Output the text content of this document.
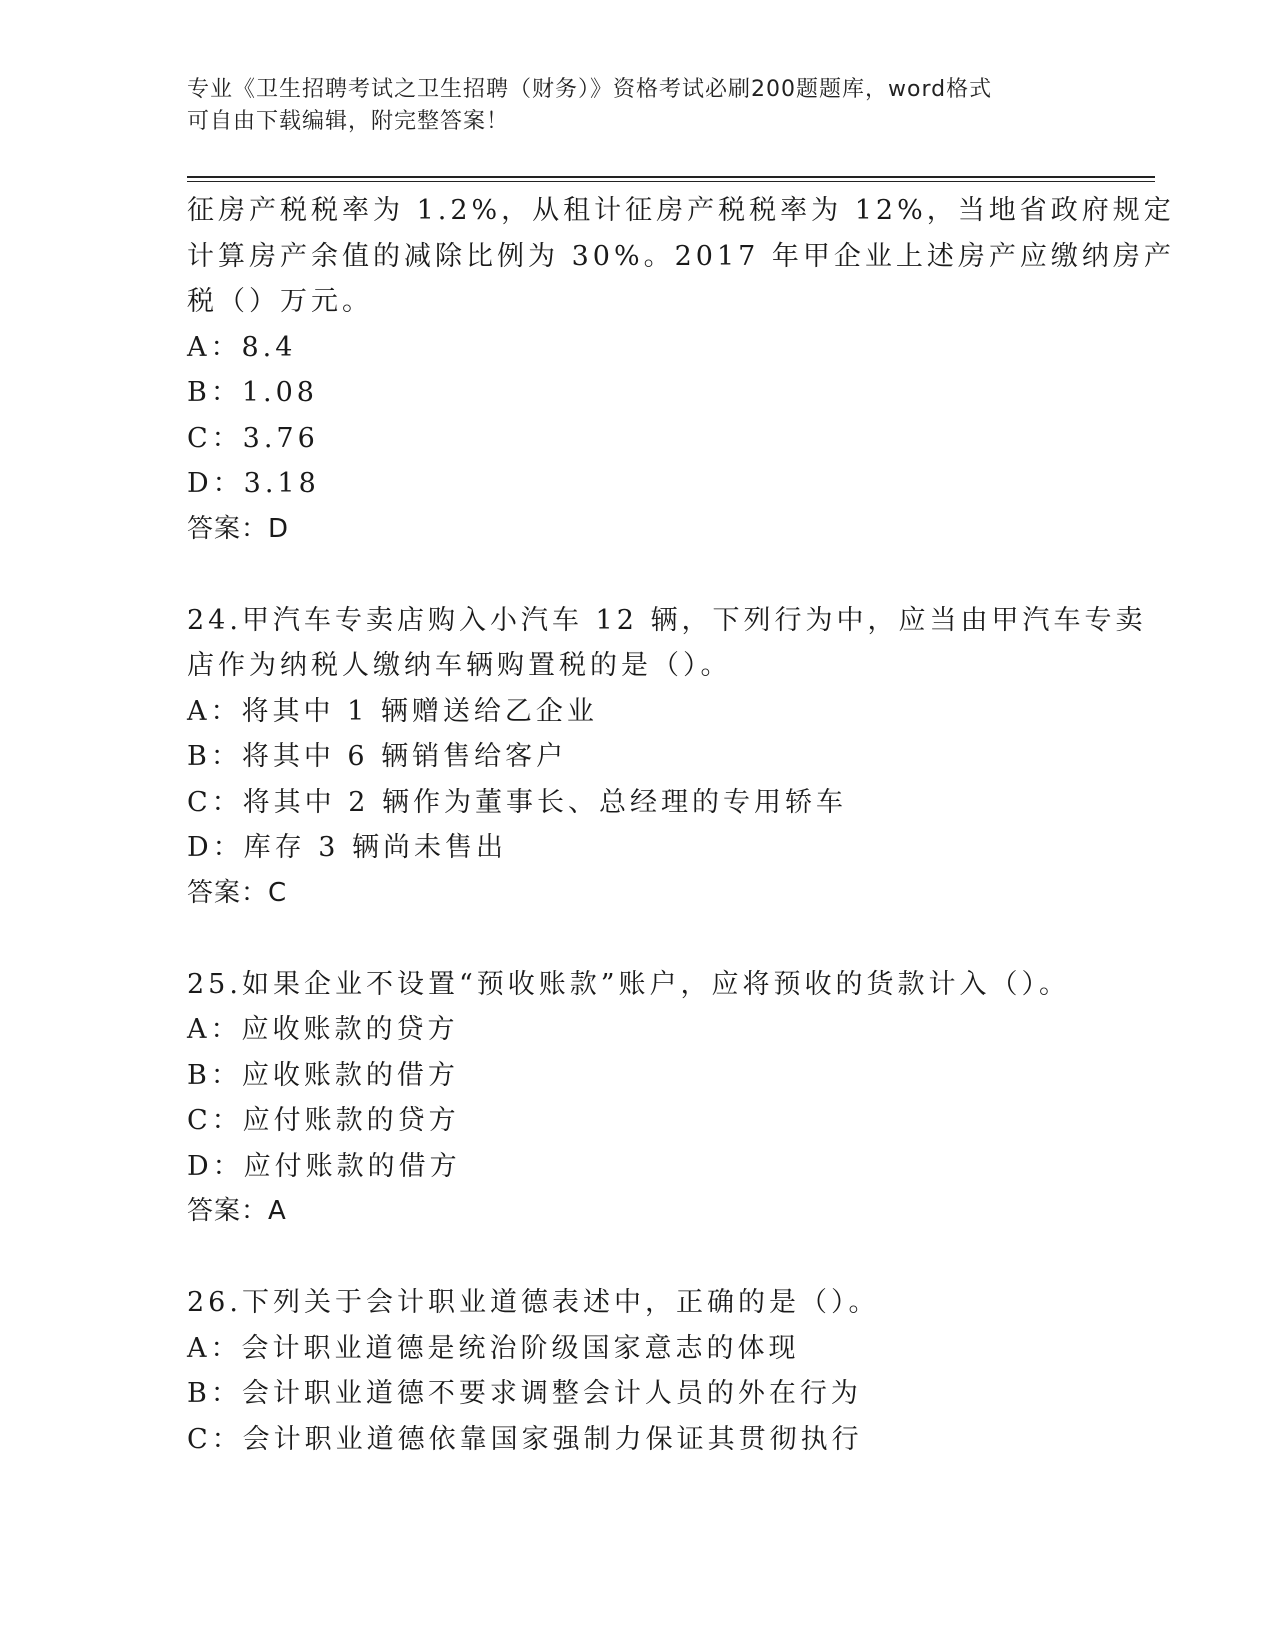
专业《卫生招聘考试之卫生招聘（财务）》资格考试必刷200题题库，word格式
可自由下载编辑，附完整答案！
征房产税税率为 1.2%，从租计征房产税税率为 12%，当地省政府规定
计算房产余值的减除比例为 30%。2017 年甲企业上述房产应缴纳房产
税（）万元。
A：8.4
B：1.08
C：3.76
D：3.18
答案：D
24.甲汽车专卖店购入小汽车 12 辆，下列行为中，应当由甲汽车专卖
店作为纳税人缴纳车辆购置税的是（）。
A：将其中 1 辆赠送给乙企业
B：将其中 6 辆销售给客户
C：将其中 2 辆作为董事长、总经理的专用轿车
D：库存 3 辆尚未售出
答案：C
25.如果企业不设置“预收账款”账户，应将预收的货款计入（）。
A：应收账款的贷方
B：应收账款的借方
C：应付账款的贷方
D：应付账款的借方
答案：A
26.下列关于会计职业道德表述中，正确的是（）。
A：会计职业道德是统治阶级国家意志的体现
B：会计职业道德不要求调整会计人员的外在行为
C：会计职业道德依靠国家强制力保证其贯彻执行
